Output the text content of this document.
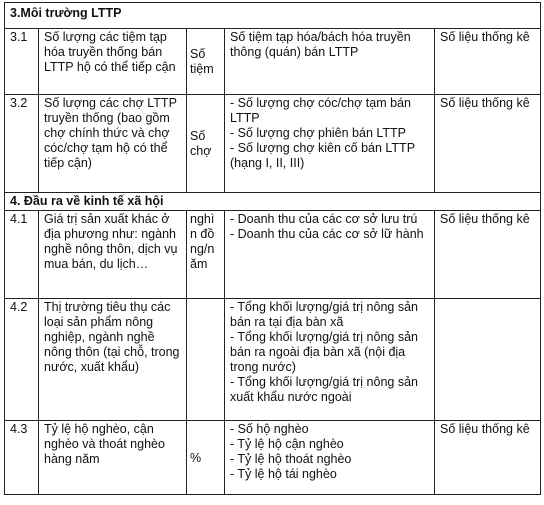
3.Môi trường LTTP				
3.1	Số lượng các tiệm tạp hóa truyền thống bán LTTP hộ có thể tiếp cận	Số tiệm	Số tiệm tạp hóa/bách hóa truyền thông (quán) bán LTTP	Số liệu thống kê
3.2	Số lượng các chợ LTTP truyền thống (bao gồm chợ chính thức và chợ cóc/chợ tạm hộ có thể tiếp cận)	Số chợ	- Số lượng chợ cóc/chợ tạm bán LTTP
- Số lượng chợ phiên bán LTTP
- Số lượng chợ kiên cố bán LTTP (hạng I, II, III)	Số liệu thống kê
4. Đầu ra về kinh tế xã hội				
4.1	Giá trị sản xuất khác ở địa phương như: ngành nghề nông thôn, dịch vụ mua bán, du lịch…	nghìn đồng/năm	- Doanh thu của các cơ sở lưu trú
- Doanh thu của các cơ sở lữ hành	Số liệu thống kê
4.2	Thị trường tiêu thụ các loại sản phẩm nông nghiệp, ngành nghề nông thôn (tại chỗ, trong nước, xuất khẩu)		- Tổng khối lượng/giá trị nông sản bán ra tại địa bàn xã
- Tổng khối lượng/giá trị nông sản bán ra ngoài địa bàn xã (nội địa trong nước)
- Tổng khối lượng/giá trị nông sản xuất khẩu nước ngoài	

4.3	Tỷ lệ hộ nghèo, cận nghèo và thoát nghèo hàng năm	%	- Số hộ nghèo
- Tỷ lệ hộ cận nghèo
- Tỷ lệ hộ thoát nghèo
- Tỷ lệ hộ tái nghèo	Số liệu thống kê
